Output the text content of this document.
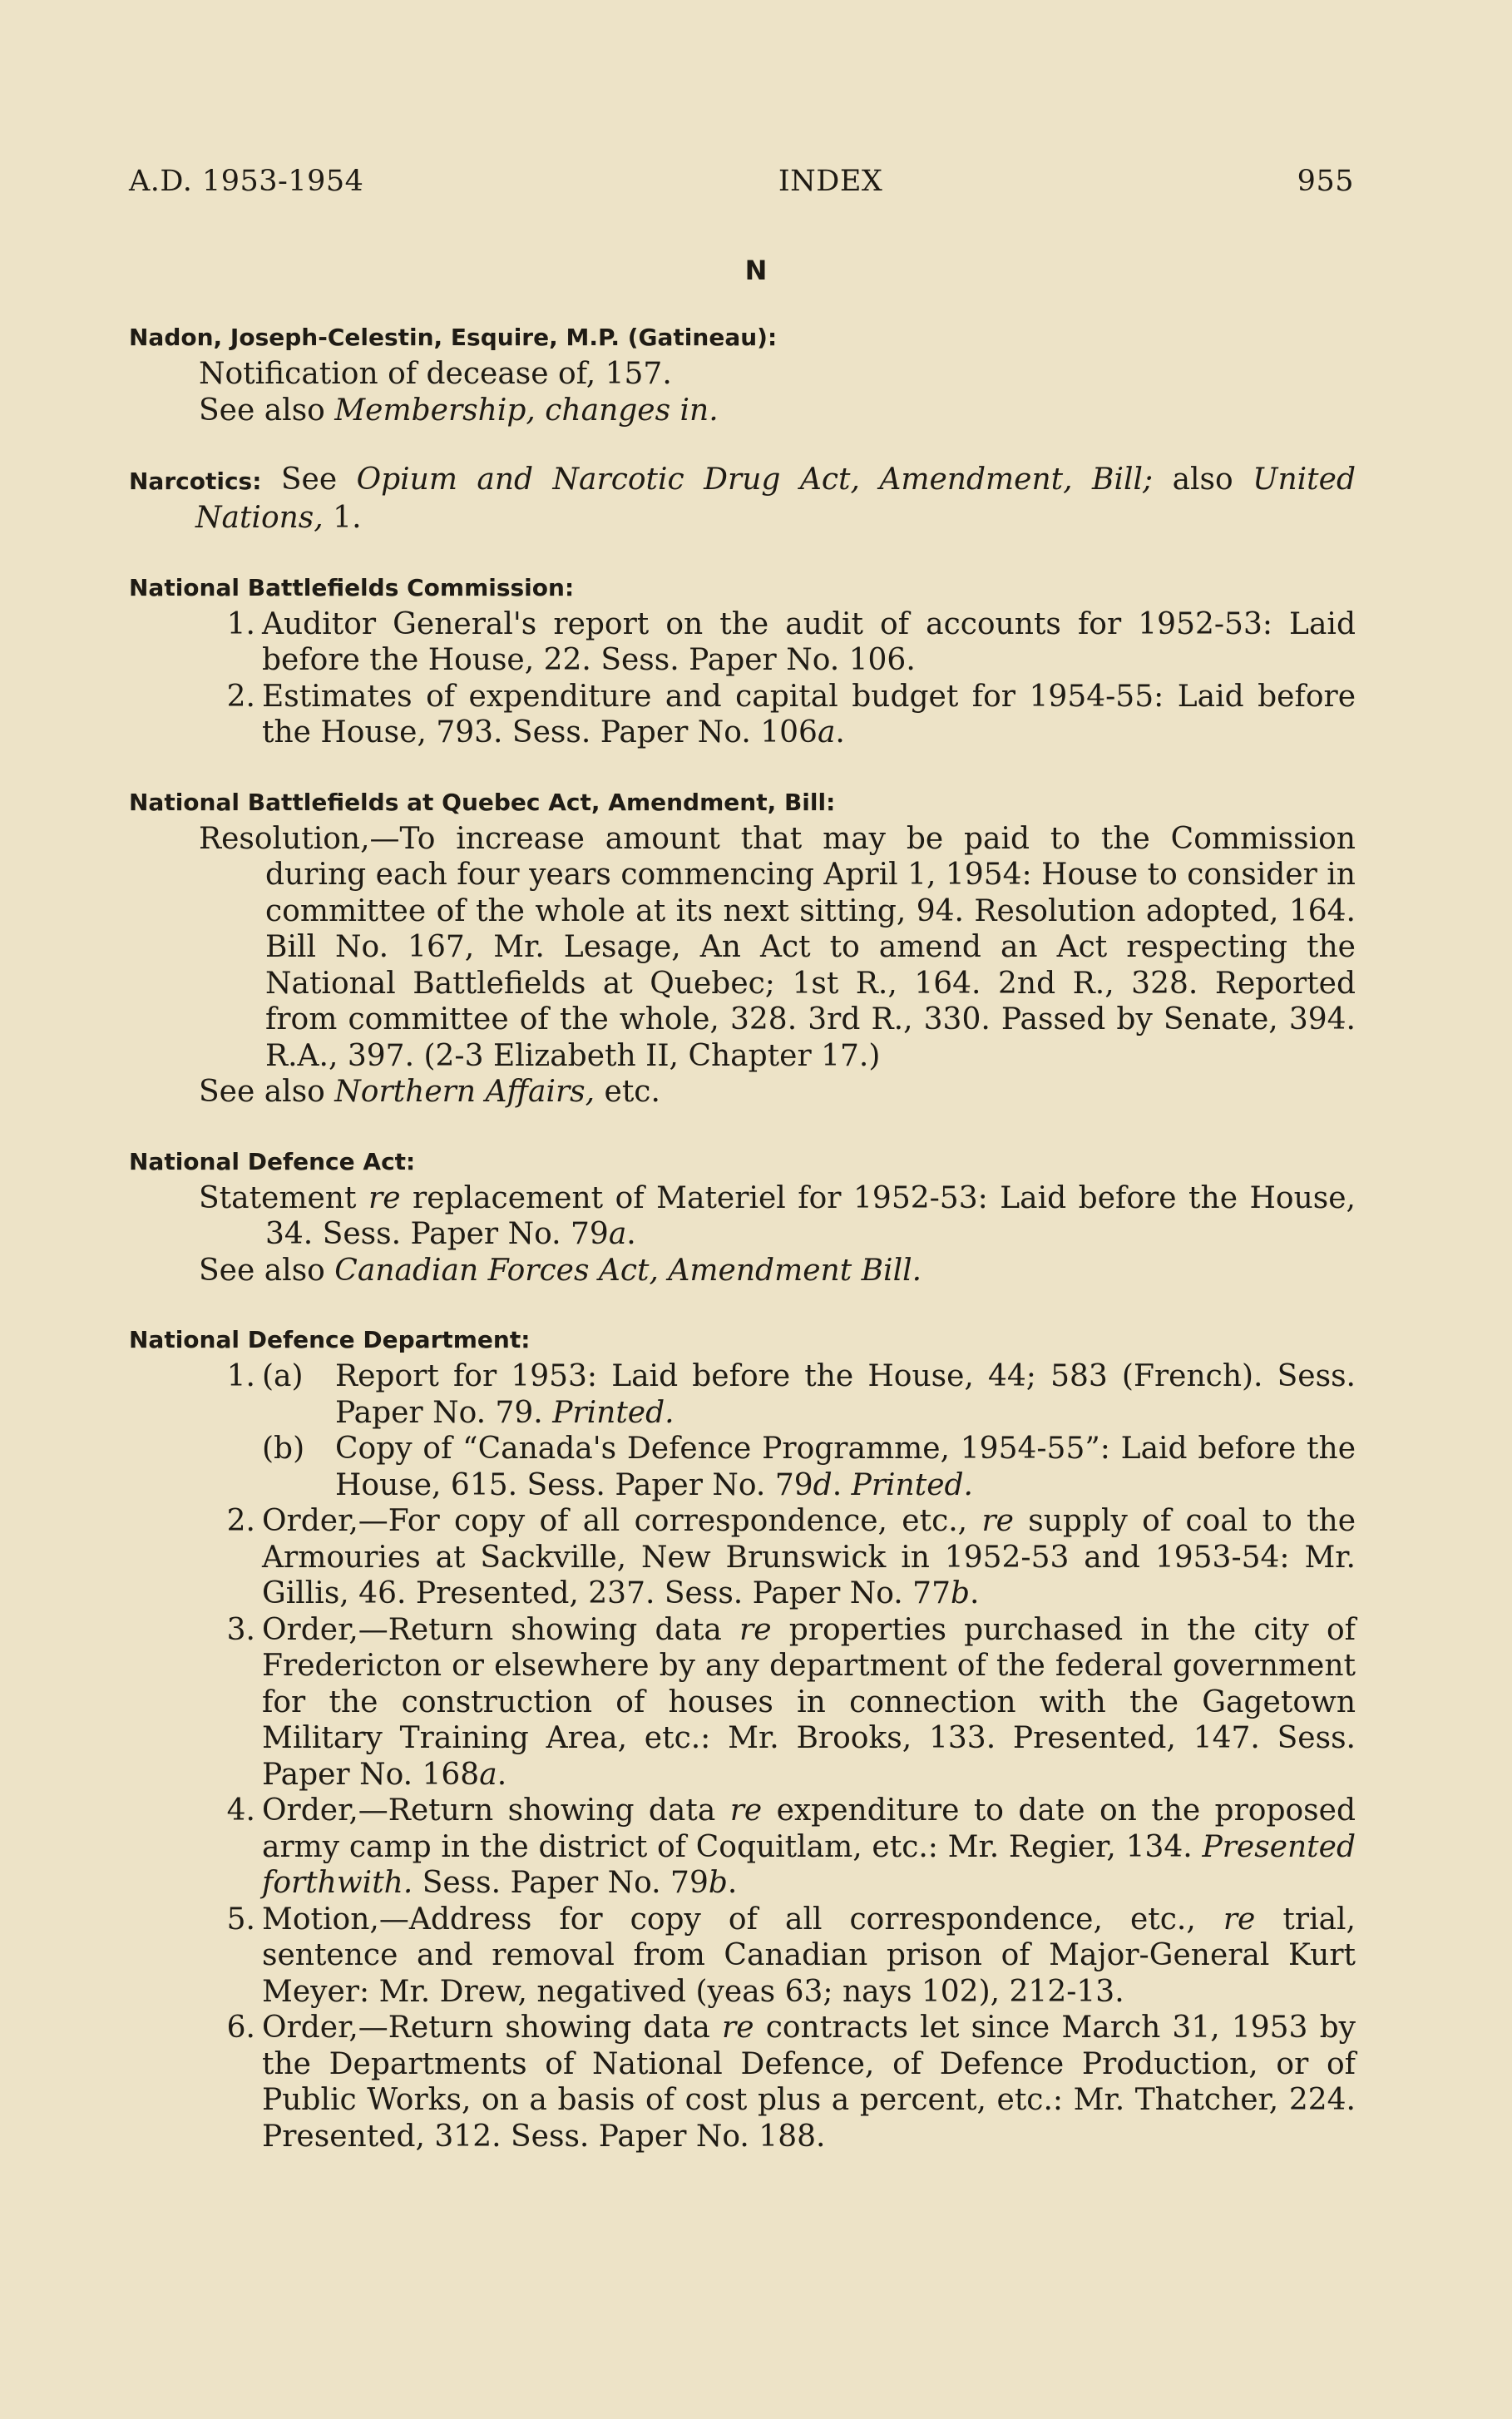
A.D. 1953-1954	INDEX	955
N
Nadon, Joseph-Celestin, Esquire, M.P. (Gatineau):
Notification of decease of, 157.
See also Membership, changes in.
Narcotics: See Opium and Narcotic Drug Act, Amendment, Bill; also United Nations, 1.
National Battlefields Commission:
1. Auditor General's report on the audit of accounts for 1952-53: Laid before the House, 22. Sess. Paper No. 106.
2. Estimates of expenditure and capital budget for 1954-55: Laid before the House, 793. Sess. Paper No. 106a.
National Battlefields at Quebec Act, Amendment, Bill:
Resolution,—To increase amount that may be paid to the Commission during each four years commencing April 1, 1954: House to consider in committee of the whole at its next sitting, 94. Resolution adopted, 164. Bill No. 167, Mr. Lesage, An Act to amend an Act respecting the National Battlefields at Quebec; 1st R., 164. 2nd R., 328. Reported from committee of the whole, 328. 3rd R., 330. Passed by Senate, 394. R.A., 397. (2-3 Elizabeth II, Chapter 17.)
See also Northern Affairs, etc.
National Defence Act:
Statement re replacement of Materiel for 1952-53: Laid before the House, 34. Sess. Paper No. 79a.
See also Canadian Forces Act, Amendment Bill.
National Defence Department:
1. (a)	Report for 1953: Laid before the House, 44; 583 (French). Sess. Paper No. 79. Printed.
(b)	Copy of “Canada's Defence Programme, 1954-55”: Laid before the House, 615. Sess. Paper No. 79d. Printed.
2. Order,—For copy of all correspondence, etc., re supply of coal to the Armouries at Sackville, New Brunswick in 1952-53 and 1953-54: Mr. Gillis, 46. Presented, 237. Sess. Paper No. 77b.
3. Order,—Return showing data re properties purchased in the city of Fredericton or elsewhere by any department of the federal government for the construction of houses in connection with the Gagetown Military Training Area, etc.: Mr. Brooks, 133. Presented, 147. Sess. Paper No. 168a.
4. Order,—Return showing data re expenditure to date on the proposed army camp in the district of Coquitlam, etc.: Mr. Regier, 134. Presented forthwith. Sess. Paper No. 79b.
5. Motion,—Address for copy of all correspondence, etc., re trial, sentence and removal from Canadian prison of Major-General Kurt Meyer: Mr. Drew, negatived (yeas 63; nays 102), 212-13.
6. Order,—Return showing data re contracts let since March 31, 1953 by the Departments of National Defence, of Defence Production, or of Public Works, on a basis of cost plus a percent, etc.: Mr. Thatcher, 224. Presented, 312. Sess. Paper No. 188.
